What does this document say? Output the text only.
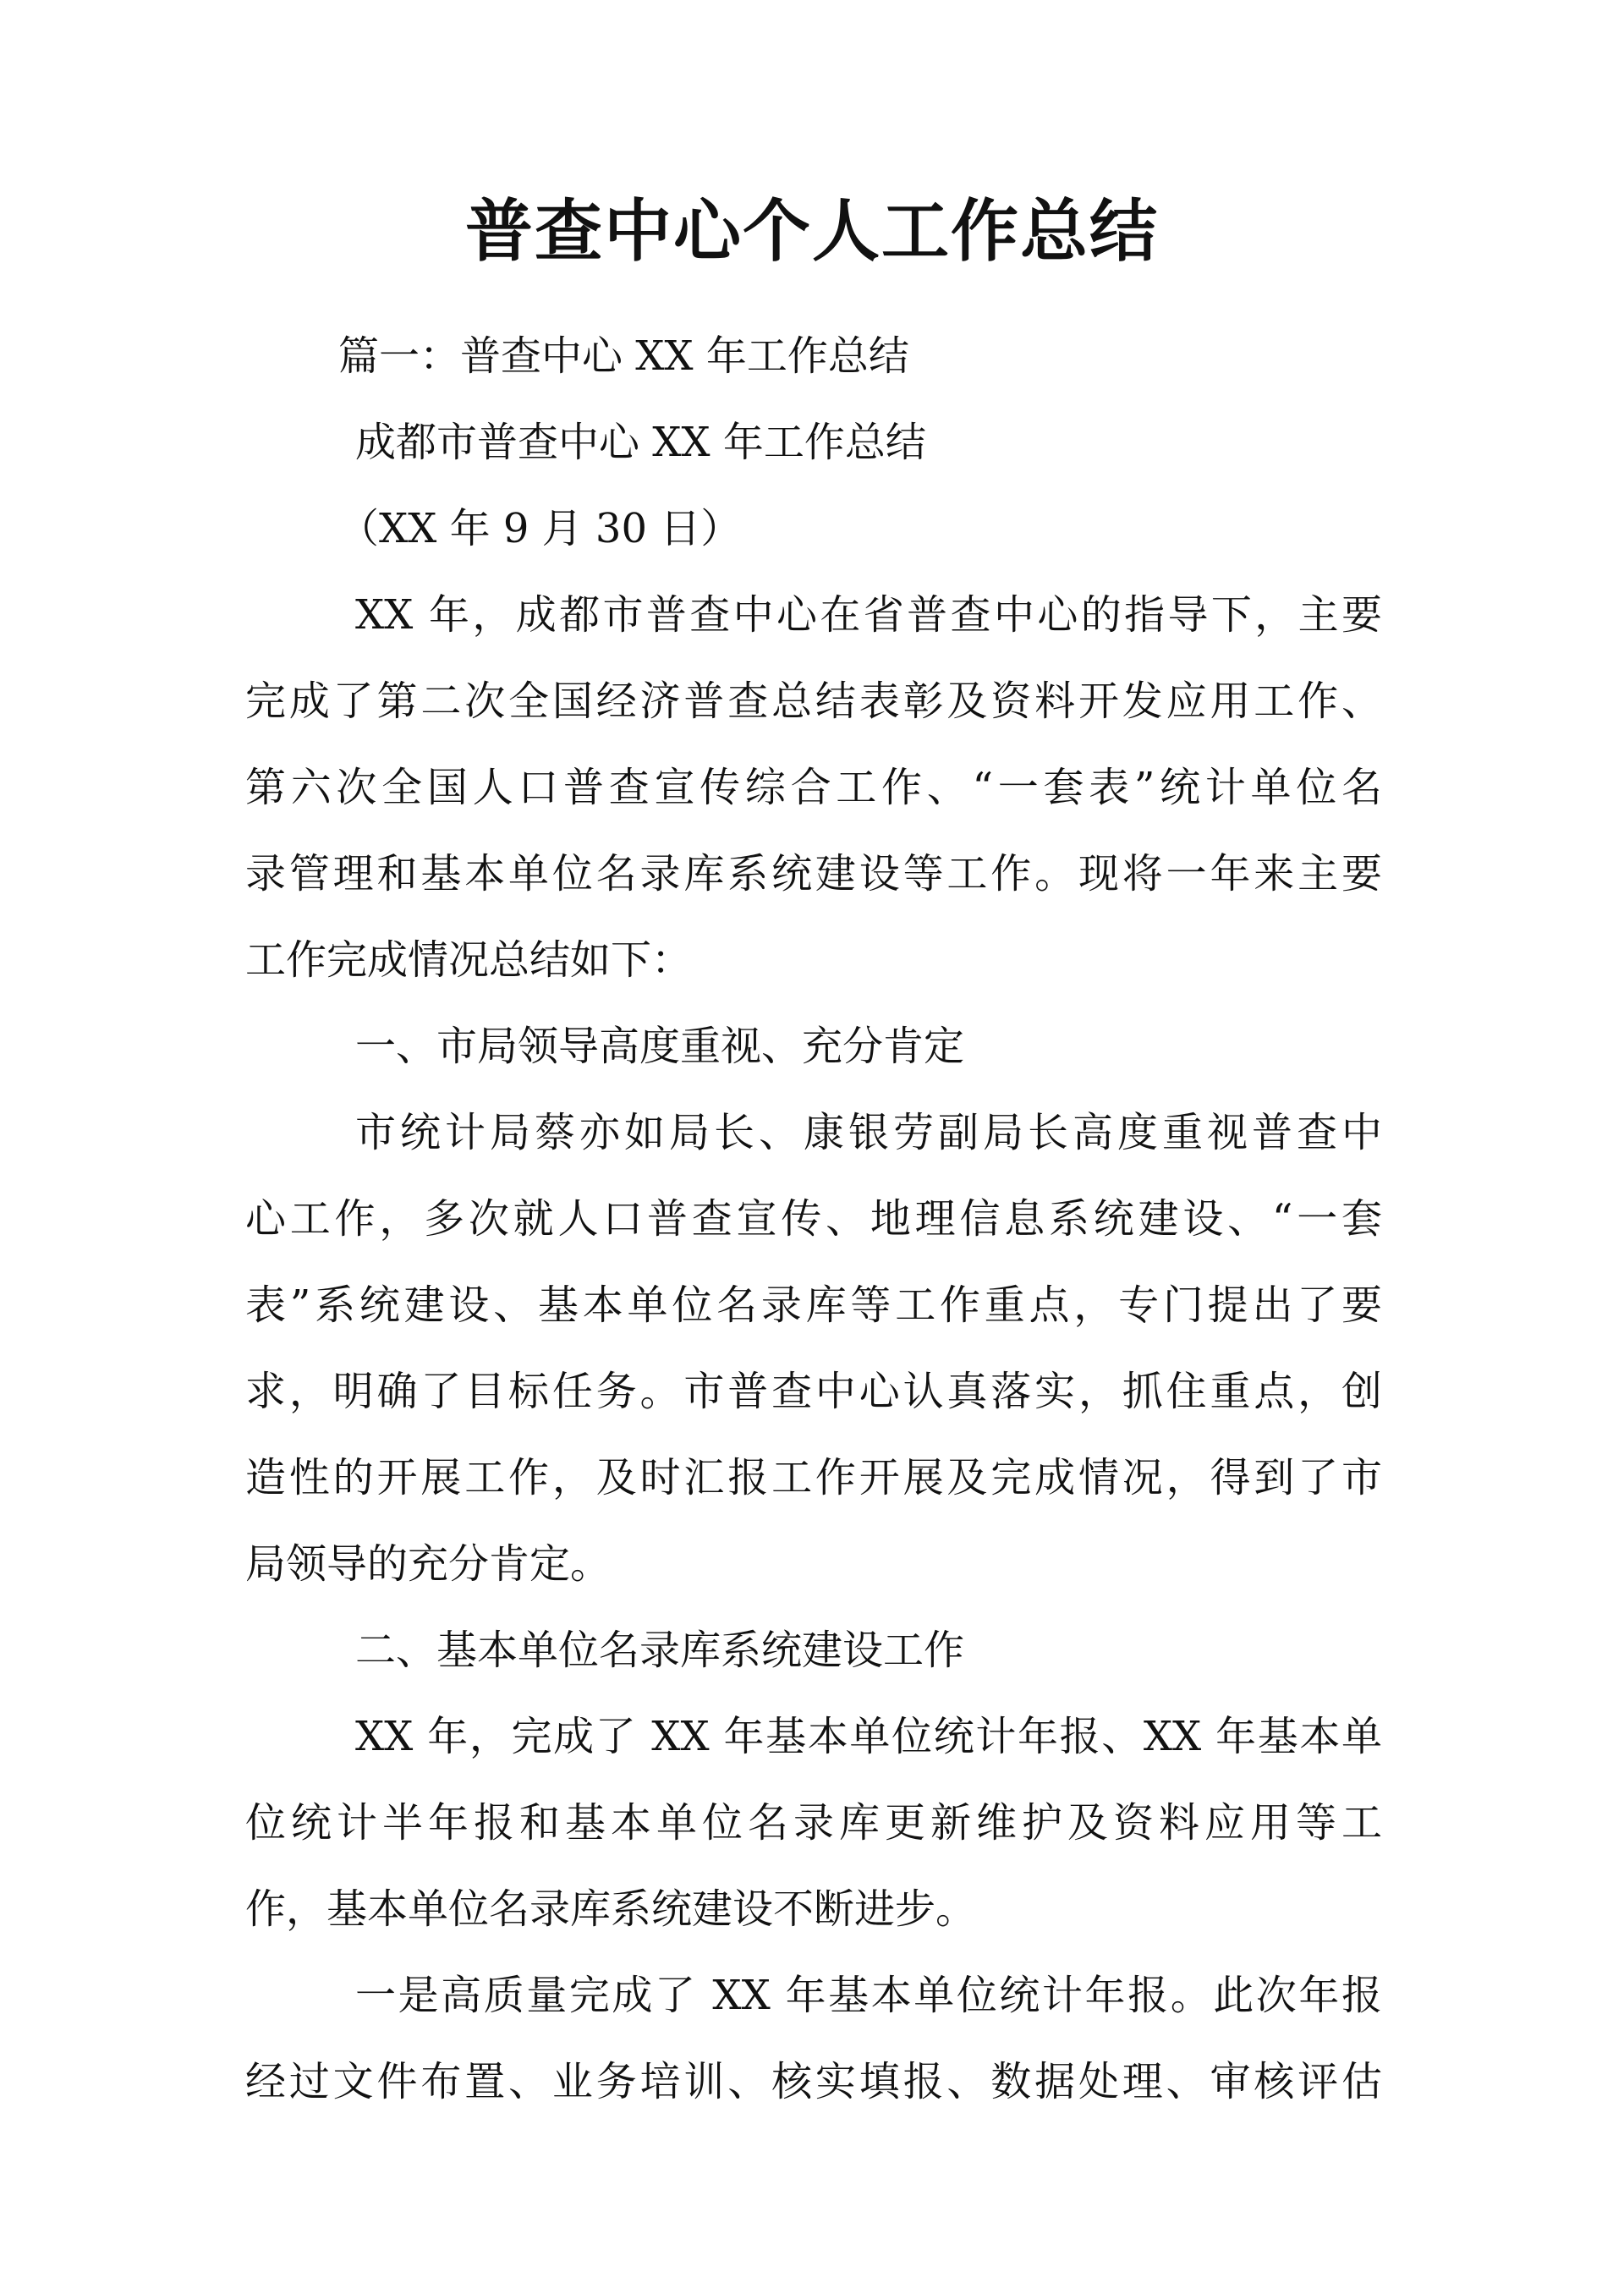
普查中心个人工作总结
篇一：普查中心 XX 年工作总结
成都市普查中心 XX 年工作总结
（XX 年 9 月 30 日）
XX 年，成都市普查中心在省普查中心的指导下，主要
完成了第二次全国经济普查总结表彰及资料开发应用工作、
第六次全国人口普查宣传综合工作、“一套表”统计单位名
录管理和基本单位名录库系统建设等工作。现将一年来主要
工作完成情况总结如下：
一、市局领导高度重视、充分肯定
市统计局蔡亦如局长、康银劳副局长高度重视普查中
心工作，多次就人口普查宣传、地理信息系统建设、“一套
表”系统建设、基本单位名录库等工作重点，专门提出了要
求，明确了目标任务。市普查中心认真落实，抓住重点，创
造性的开展工作，及时汇报工作开展及完成情况，得到了市
局领导的充分肯定。
二、基本单位名录库系统建设工作
XX 年，完成了 XX 年基本单位统计年报、XX 年基本单
位统计半年报和基本单位名录库更新维护及资料应用等工
作，基本单位名录库系统建设不断进步。
一是高质量完成了 XX 年基本单位统计年报。此次年报
经过文件布置、业务培训、核实填报、数据处理、审核评估
